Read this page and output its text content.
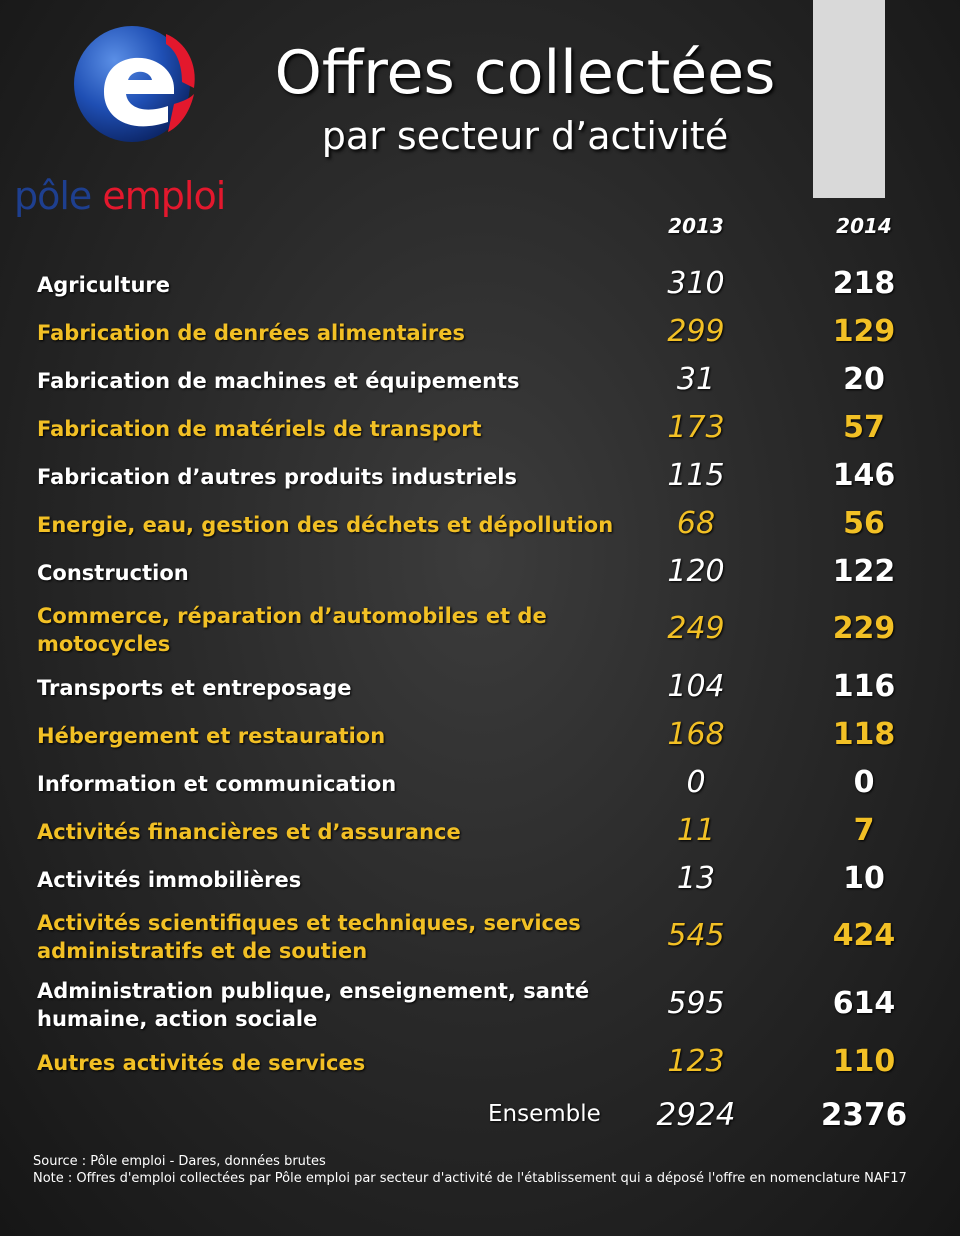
pôle emploi
Offres collectées
par secteur d’activité
2013	2014
Agriculture	310	218
Fabrication de denrées alimentaires	299	129
Fabrication de machines et équipements	31	20
Fabrication de matériels de transport	173	57
Fabrication d’autres produits industriels	115	146
Energie, eau, gestion des déchets et dépollution	68	56
Construction	120	122
Commerce, réparation d’automobiles et de motocycles	249	229
Transports et entreposage	104	116
Hébergement et restauration	168	118
Information et communication	0	0
Activités financières et d’assurance	11	7
Activités immobilières	13	10
Activités scientifiques et techniques, services administratifs et de soutien	545	424
Administration publique, enseignement, santé humaine, action sociale	595	614
Autres activités de services	123	110
Ensemble	2924	2376
Source : Pôle emploi - Dares, données brutes
Note : Offres d'emploi collectées par Pôle emploi par secteur d'activité de l'établissement qui a déposé l'offre en nomenclature NAF17
